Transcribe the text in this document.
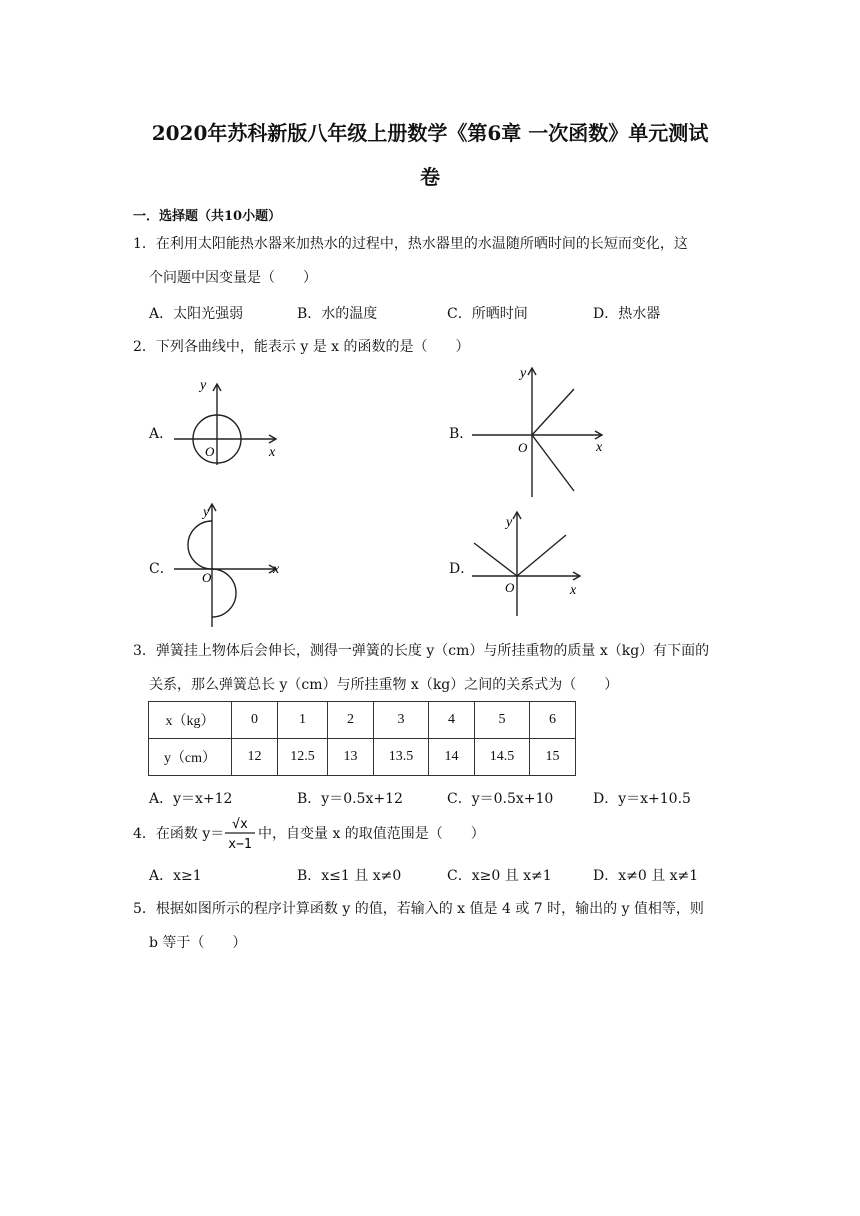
2020年苏科新版八年级上册数学《第6章 一次函数》单元测试
卷
一．选择题（共10小题）
1．在利用太阳能热水器来加热水的过程中，热水器里的水温随所晒时间的长短而变化，这
个问题中因变量是（　　）
A．太阳光强弱	B．水的温度	C．所晒时间	D．热水器
2．下列各曲线中，能表示 y 是 x 的函数的是（　　）
A．
y
x
O
B．
y
x
O
C．
y
x
O
D．
y
x
O
3．弹簧挂上物体后会伸长，测得一弹簧的长度 y（cm）与所挂重物的质量 x（kg）有下面的
关系，那么弹簧总长 y（cm）与所挂重物 x（kg）之间的关系式为（　　）
x（kg）	0	1	2	3	4	5	6
y（cm）	12	12.5	13	13.5	14	14.5	15
A．y＝x+12	B．y＝0.5x+12	C．y＝0.5x+10	D．y＝x+10.5
4．在函数 y＝
√x
x−1
中，自变量 x 的取值范围是（　　）
A．x≥1	B．x≤1 且 x≠0	C．x≥0 且 x≠1	D．x≠0 且 x≠1
5．根据如图所示的程序计算函数 y 的值，若输入的 x 值是 4 或 7 时，输出的 y 值相等，则
b 等于（　　）
